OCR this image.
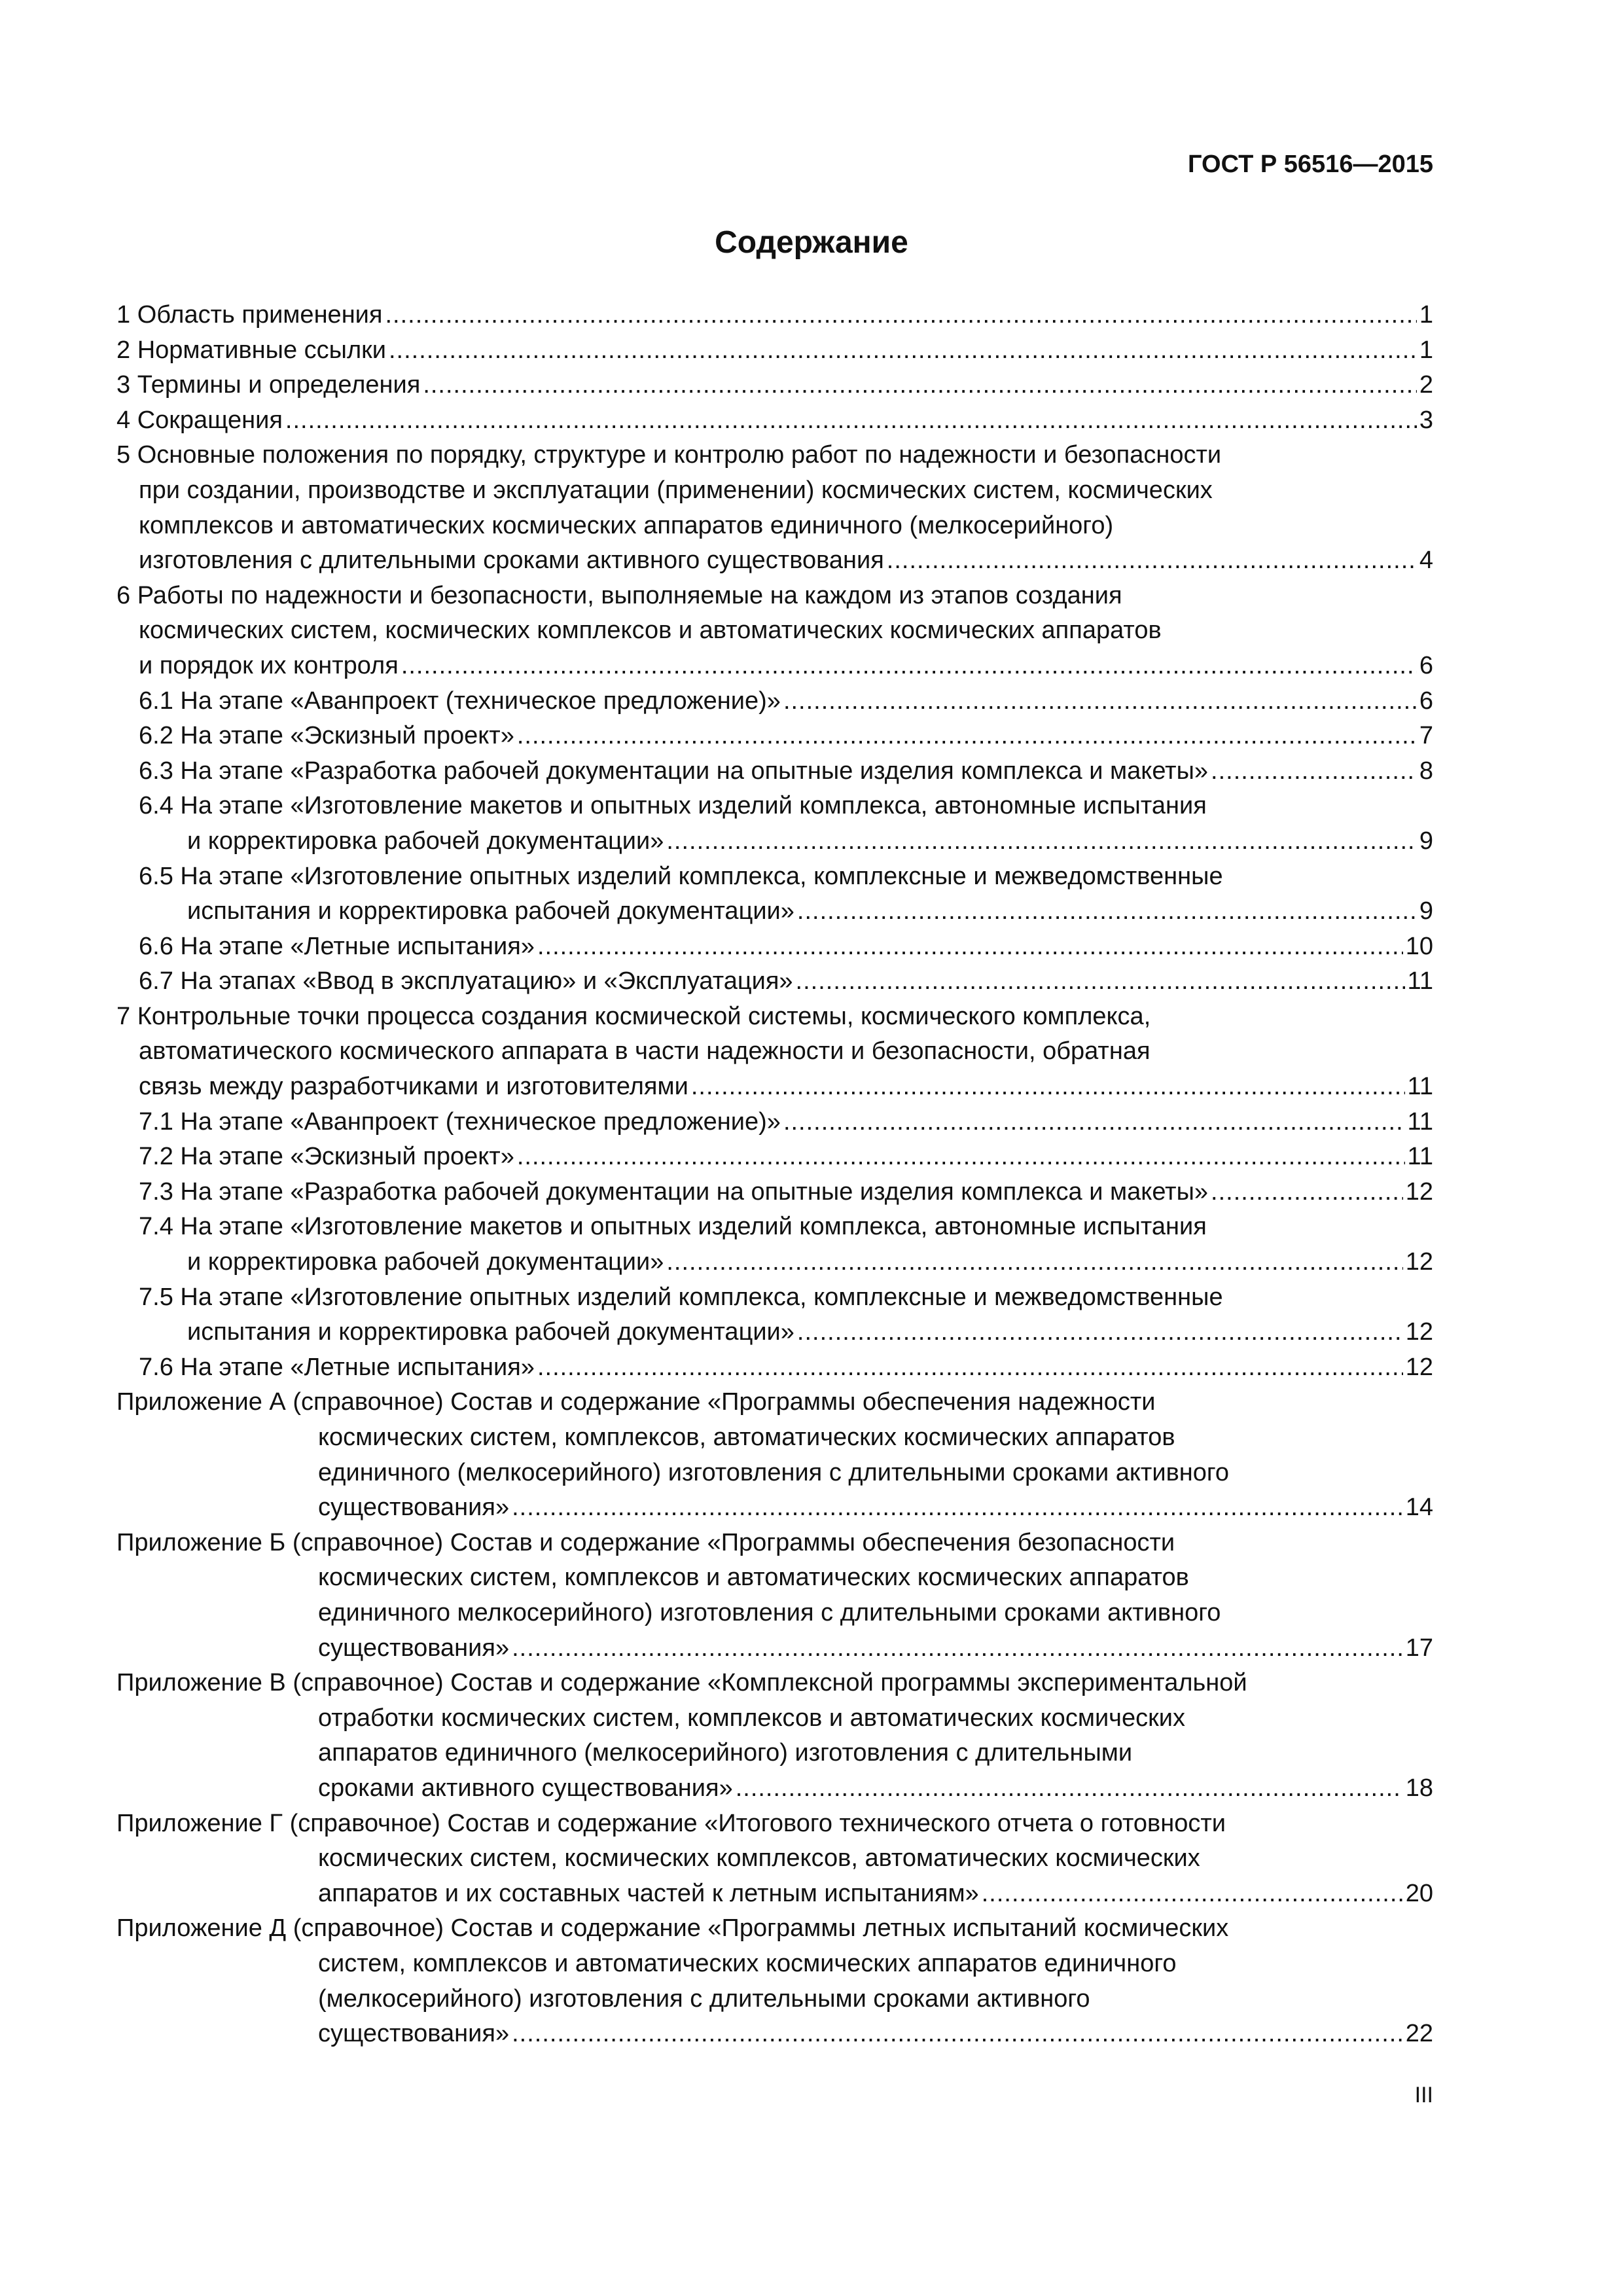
ГОСТ Р 56516—2015
Содержание
1 Область применения .....	1
2 Нормативные ссылки .....	1
3 Термины и определения .....	2
4 Сокращения .....	3
5 Основные положения по порядку, структуре и контролю работ по надежности и безопасности
при создании, производстве и эксплуатации (применении) космических систем, космических
комплексов и автоматических космических аппаратов единичного (мелкосерийного)
изготовления с длительными сроками активного существования .....	4
6 Работы по надежности и безопасности, выполняемые на каждом из этапов создания
космических систем, космических комплексов и автоматических космических аппаратов
и порядок их контроля .....	6
6.1 На этапе «Аванпроект (техническое предложение)» .....	6
6.2 На этапе «Эскизный проект» .....	7
6.3 На этапе «Разработка рабочей документации на опытные изделия комплекса и макеты» .....	8
6.4 На этапе «Изготовление макетов и опытных изделий комплекса, автономные испытания
и корректировка рабочей документации» .....	9
6.5 На этапе «Изготовление опытных изделий комплекса, комплексные и межведомственные
испытания и корректировка рабочей документации» .....	9
6.6 На этапе «Летные испытания» .....	10
6.7 На этапах «Ввод в эксплуатацию» и «Эксплуатация» .....	11
7 Контрольные точки процесса создания космической системы, космического комплекса,
автоматического космического аппарата в части надежности и безопасности, обратная
связь между разработчиками и изготовителями .....	11
7.1 На этапе «Аванпроект (техническое предложение)» .....	11
7.2 На этапе «Эскизный проект» .....	11
7.3 На этапе «Разработка рабочей документации на опытные изделия комплекса и макеты» .....	12
7.4 На этапе «Изготовление макетов и опытных изделий комплекса, автономные испытания
и корректировка рабочей документации» .....	12
7.5 На этапе «Изготовление опытных изделий комплекса, комплексные и межведомственные
испытания и корректировка рабочей документации» .....	12
7.6 На этапе «Летные испытания» .....	12
Приложение А (справочное) Состав и содержание «Программы обеспечения надежности
космических систем, комплексов, автоматических космических аппаратов
единичного (мелкосерийного) изготовления с длительными сроками активного
существования» .....	14
Приложение Б (справочное) Состав и содержание «Программы обеспечения безопасности
космических систем, комплексов и автоматических космических аппаратов
единичного мелкосерийного) изготовления с длительными сроками активного
существования» .....	17
Приложение В (справочное) Состав и содержание «Комплексной программы экспериментальной
отработки космических систем, комплексов и автоматических космических
аппаратов единичного (мелкосерийного) изготовления с длительными
сроками активного существования» .....	18
Приложение Г (справочное) Состав и содержание «Итогового технического отчета о готовности
космических систем, космических комплексов, автоматических космических
аппаратов и их составных частей к летным испытаниям» .....	20
Приложение Д (справочное) Состав и содержание «Программы летных испытаний космических
систем, комплексов и автоматических космических аппаратов единичного
(мелкосерийного) изготовления с длительными сроками активного
существования» .....	22
III
